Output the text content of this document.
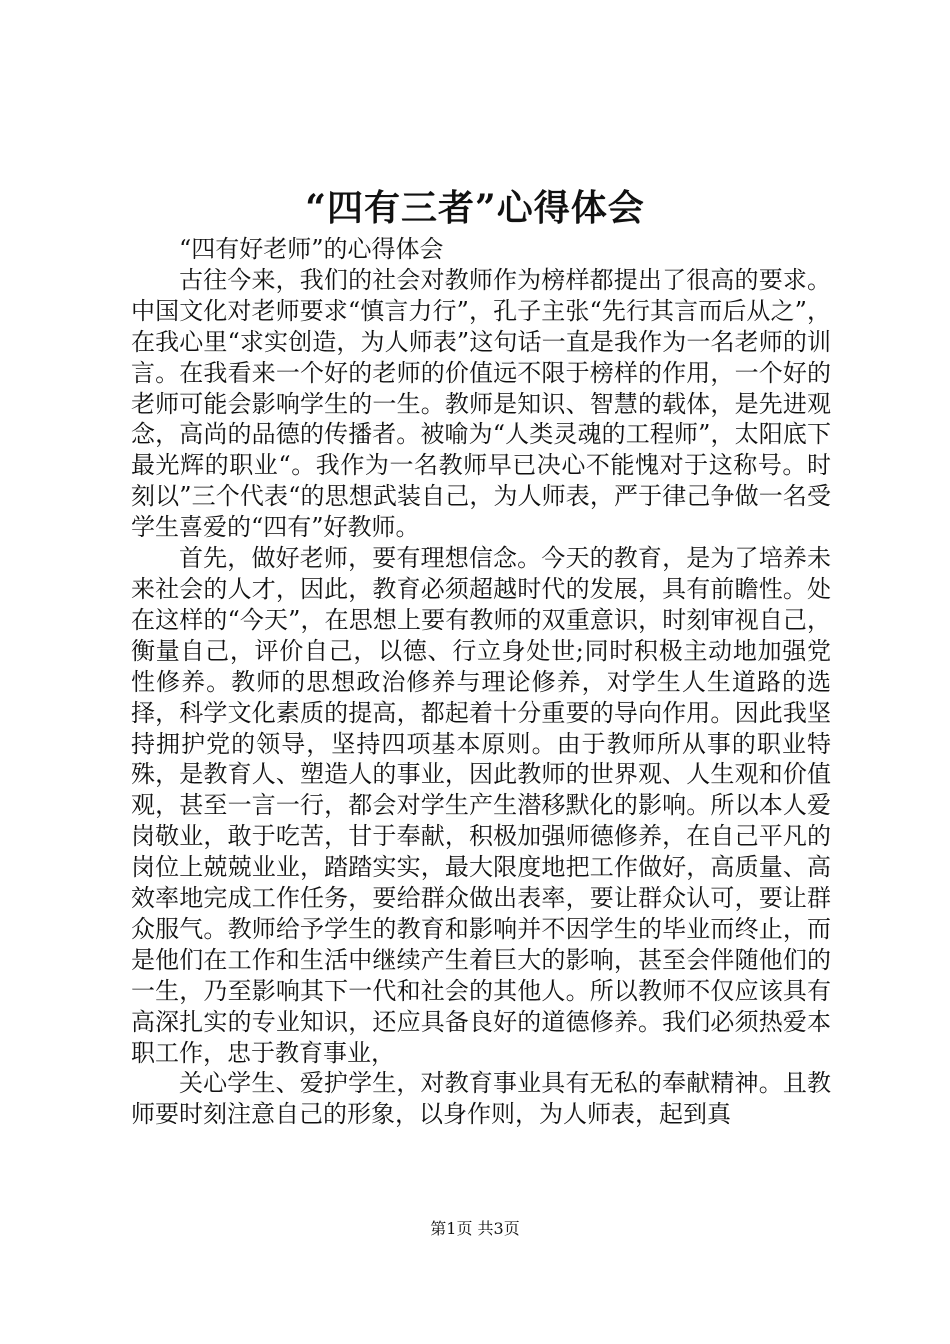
“四有三者”心得体会

“四有好老师”的心得体会

古往今来，我们的社会对教师作为榜样都提出了很高的要求。中国文化对老师要求“慎言力行”，孔子主张“先行其言而后从之”，在我心里“求实创造，为人师表”这句话一直是我作为一名老师的训言。在我看来一个好的老师的价值远不限于榜样的作用，一个好的老师可能会影响学生的一生。教师是知识、智慧的载体，是先进观念，高尚的品德的传播者。被喻为“人类灵魂的工程师”，太阳底下最光辉的职业“。我作为一名教师早已决心不能愧对于这称号。时刻以”三个代表“的思想武装自己，为人师表，严于律己争做一名受学生喜爱的“四有”好教师。

首先，做好老师，要有理想信念。今天的教育，是为了培养未来社会的人才，因此，教育必须超越时代的发展，具有前瞻性。处在这样的“今天”，在思想上要有教师的双重意识，时刻审视自己，衡量自己，评价自己，以德、行立身处世;同时积极主动地加强党性修养。教师的思想政治修养与理论修养，对学生人生道路的选择，科学文化素质的提高，都起着十分重要的导向作用。因此我坚持拥护党的领导，坚持四项基本原则。由于教师所从事的职业特殊，是教育人、塑造人的事业，因此教师的世界观、人生观和价值观，甚至一言一行，都会对学生产生潜移默化的影响。所以本人爱岗敬业，敢于吃苦，甘于奉献，积极加强师德修养，在自己平凡的岗位上兢兢业业，踏踏实实，最大限度地把工作做好，高质量、高效率地完成工作任务，要给群众做出表率，要让群众认可，要让群众服气。教师给予学生的教育和影响并不因学生的毕业而终止，而是他们在工作和生活中继续产生着巨大的影响，甚至会伴随他们的一生，乃至影响其下一代和社会的其他人。所以教师不仅应该具有高深扎实的专业知识，还应具备良好的道德修养。我们必须热爱本职工作，忠于教育事业，

关心学生、爱护学生，对教育事业具有无私的奉献精神。且教师要时刻注意自己的形象，以身作则，为人师表，起到真

第1页 共3页
